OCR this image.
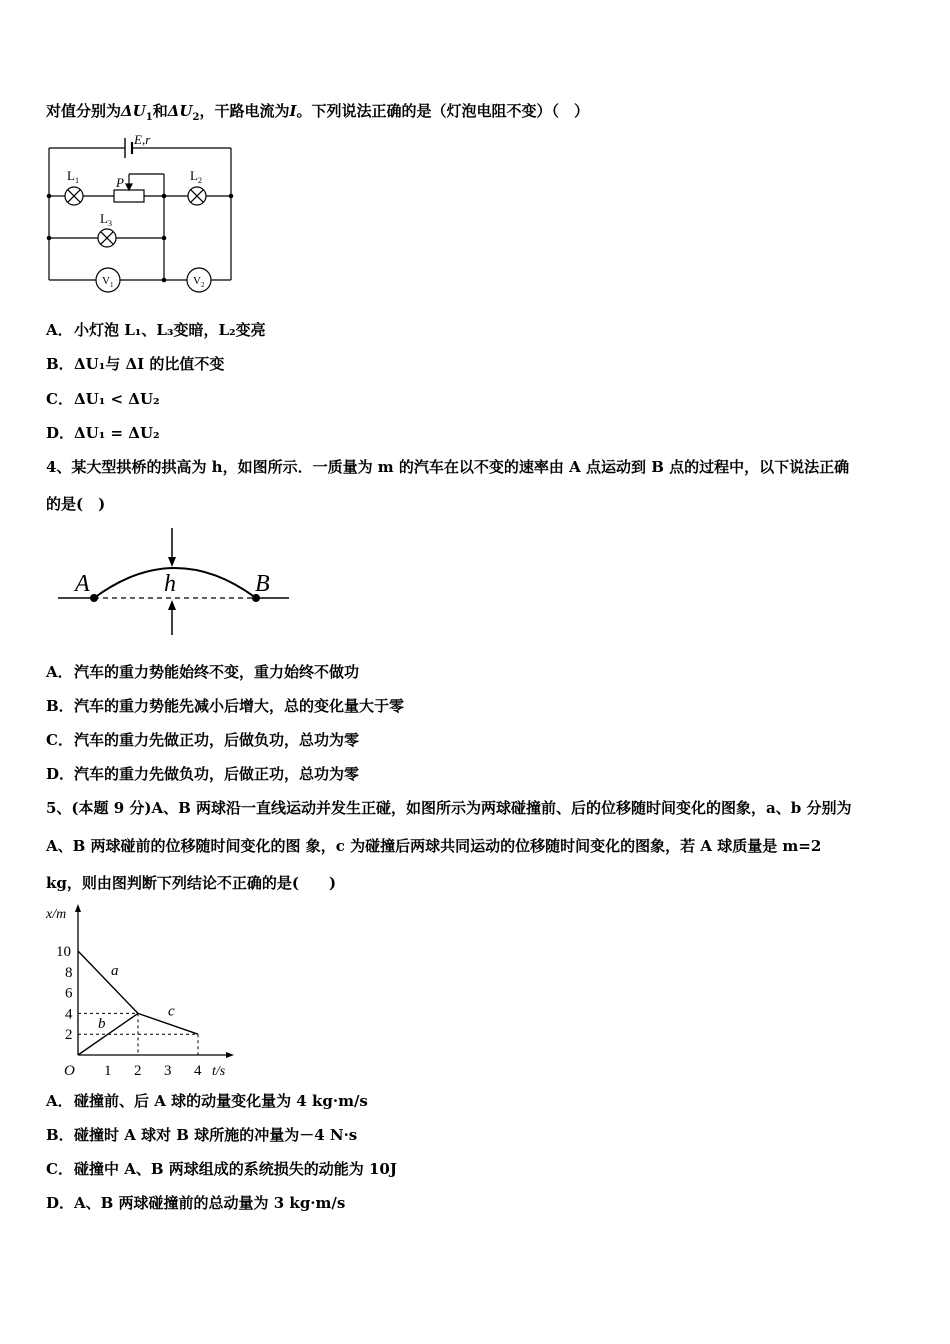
对值分别为$\Delta U_1$和$\Delta U_2$，干路电流为I。下列说法正确的是（灯泡电阻不变）（　）
E,r
$L_1$	$L_2$
$L_3$
P
$V_1$	$V_2$
A．小灯泡 L₁、L₃变暗，L₂变亮
B．ΔU₁与 ΔI 的比值不变
C．ΔU₁ < ΔU₂
D．ΔU₁ = ΔU₂
4、某大型拱桥的拱高为 h，如图所示．一质量为 m 的汽车在以不变的速率由 A 点运动到 B 点的过程中，以下说法正确
的是(　)
A	h	B
A．汽车的重力势能始终不变，重力始终不做功
B．汽车的重力势能先减小后增大，总的变化量大于零
C．汽车的重力先做正功，后做负功，总功为零
D．汽车的重力先做负功，后做正功，总功为零
5、(本题 9 分)A、B 两球沿一直线运动并发生正碰，如图所示为两球碰撞前、后的位移随时间变化的图象，a、b 分别为
A、B 两球碰前的位移随时间变化的图 象，c 为碰撞后两球共同运动的位移随时间变化的图象，若 A 球质量是 m=2
kg，则由图判断下列结论不正确的是(　　)
x/m
t/s
O 1 2 3 4
2
4
6
8
10
a
b
c
A．碰撞前、后 A 球的动量变化量为 4 kg·m/s
B．碰撞时 A 球对 B 球所施的冲量为－4 N·s
C．碰撞中 A、B 两球组成的系统损失的动能为 10J
D．A、B 两球碰撞前的总动量为 3 kg·m/s
